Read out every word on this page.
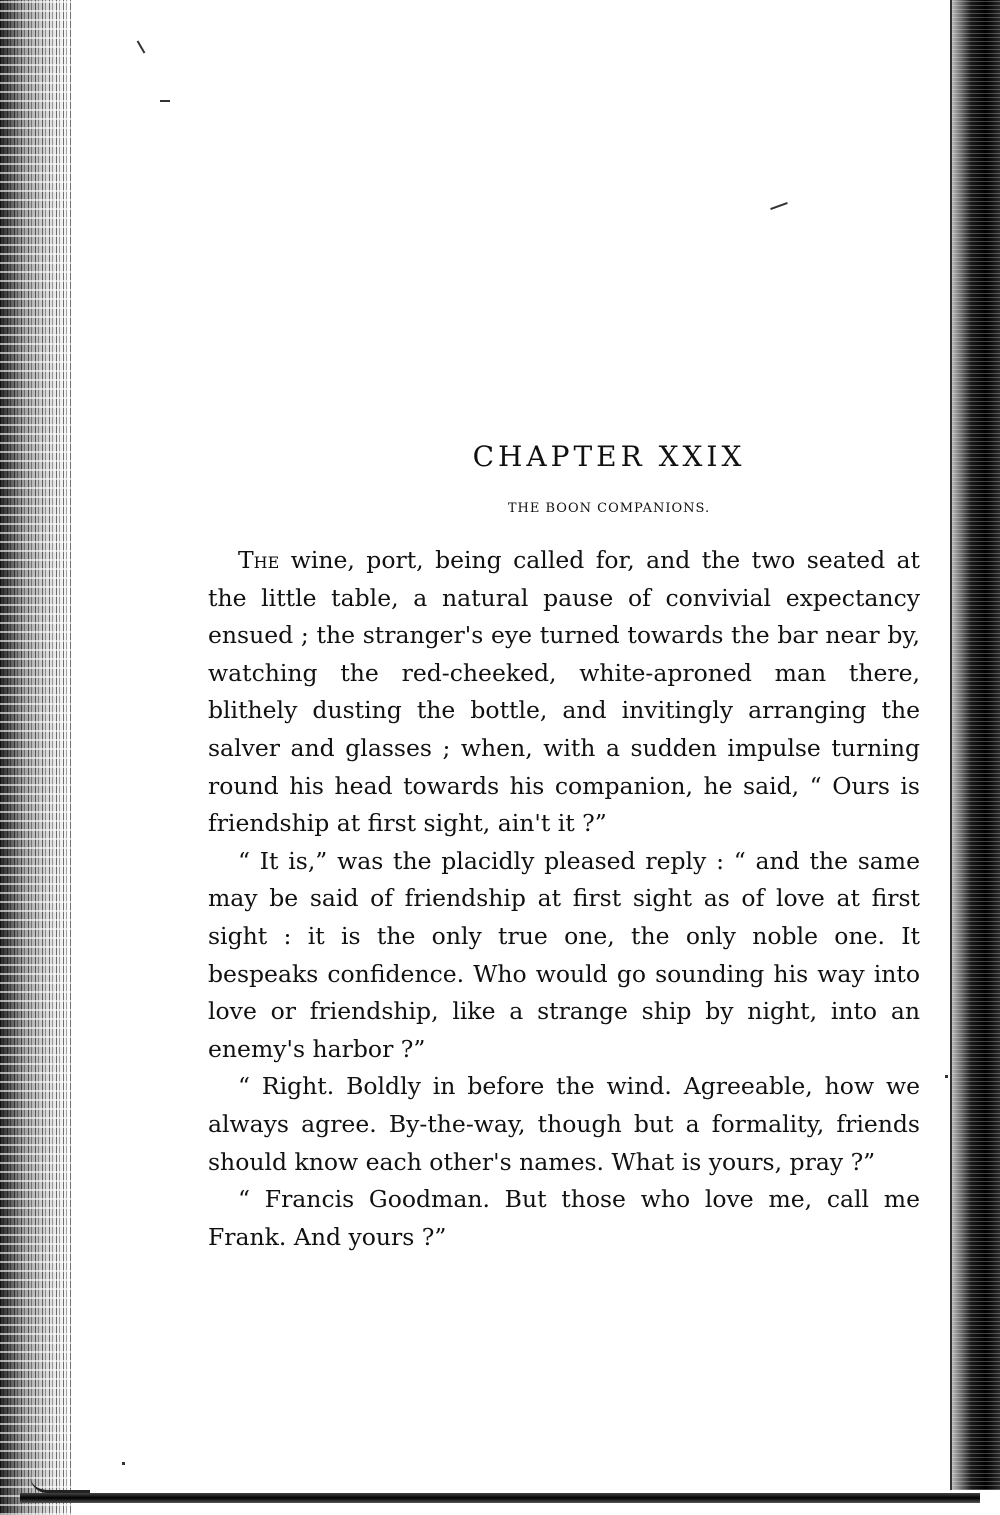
CHAPTER XXIX
THE BOON COMPANIONS.

The wine, port, being called for, and the two seated at the little table, a natural pause of convivial expectancy ensued ; the stranger's eye turned towards the bar near by, watching the red-cheeked, white-aproned man there, blithely dusting the bottle, and invitingly arranging the salver and glasses ; when, with a sudden impulse turning round his head towards his companion, he said, “ Ours is friendship at first sight, ain't it ?”

“ It is,” was the placidly pleased reply : “ and the same may be said of friendship at first sight as of love at first sight : it is the only true one, the only noble one. It bespeaks confidence. Who would go sounding his way into love or friendship, like a strange ship by night, into an enemy's harbor ?”

“ Right. Boldly in before the wind. Agreeable, how we always agree. By-the-way, though but a formality, friends should know each other's names. What is yours, pray ?”

“ Francis Goodman. But those who love me, call me Frank. And yours ?”
